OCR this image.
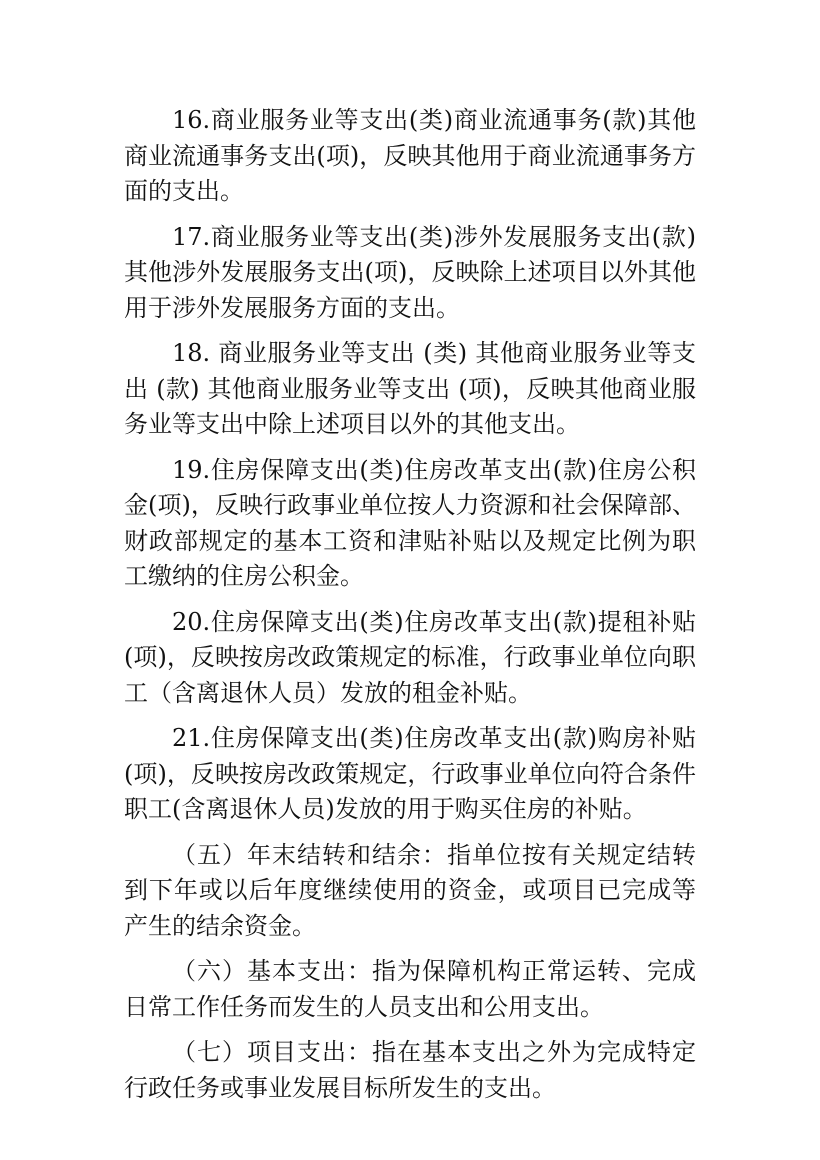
16.商业服务业等支出(类)商业流通事务(款)其他商业流通事务支出(项)，反映其他用于商业流通事务方面的支出。

17.商业服务业等支出(类)涉外发展服务支出(款)其他涉外发展服务支出(项)，反映除上述项目以外其他用于涉外发展服务方面的支出。

18. 商业服务业等支出 (类) 其他商业服务业等支出 (款) 其他商业服务业等支出 (项)，反映其他商业服务业等支出中除上述项目以外的其他支出。

19.住房保障支出(类)住房改革支出(款)住房公积金(项)，反映行政事业单位按人力资源和社会保障部、财政部规定的基本工资和津贴补贴以及规定比例为职工缴纳的住房公积金。

20.住房保障支出(类)住房改革支出(款)提租补贴(项)，反映按房改政策规定的标准，行政事业单位向职工（含离退休人员）发放的租金补贴。

21.住房保障支出(类)住房改革支出(款)购房补贴(项)，反映按房改政策规定，行政事业单位向符合条件职工(含离退休人员)发放的用于购买住房的补贴。

（五）年末结转和结余：指单位按有关规定结转到下年或以后年度继续使用的资金，或项目已完成等产生的结余资金。

（六）基本支出：指为保障机构正常运转、完成日常工作任务而发生的人员支出和公用支出。

（七）项目支出：指在基本支出之外为完成特定行政任务或事业发展目标所发生的支出。
